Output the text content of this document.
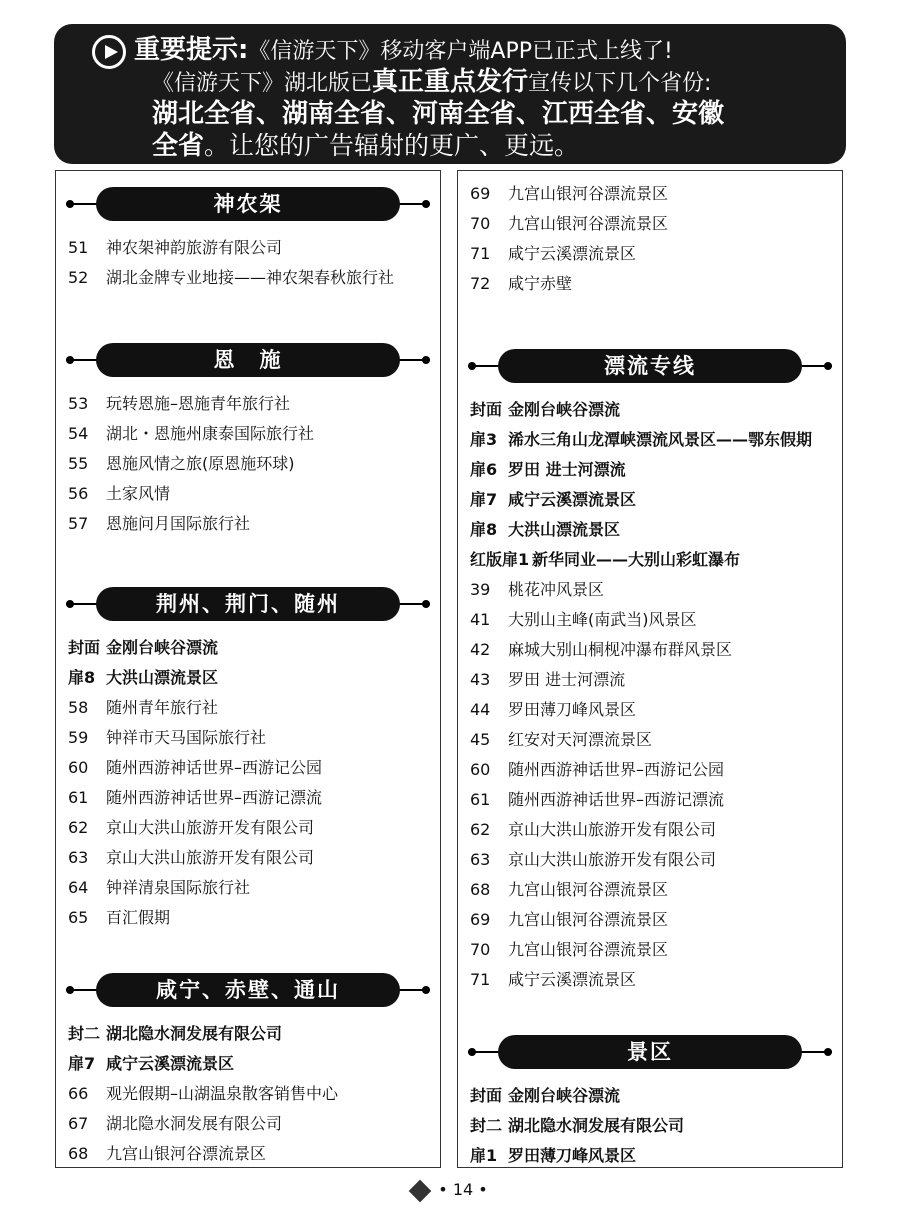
重要提示:《信游天下》移动客户端APP已正式上线了!
《信游天下》湖北版已真正重点发行宣传以下几个省份:
湖北全省、湖南全省、河南全省、江西全省、安徽
全省。让您的广告辐射的更广、更远。
神农架
51	神农架神韵旅游有限公司
52	湖北金牌专业地接——神农架春秋旅行社
恩　施
53	玩转恩施–恩施青年旅行社
54	湖北・恩施州康泰国际旅行社
55	恩施风情之旅(原恩施环球)
56	土家风情
57	恩施问月国际旅行社
荆州、荆门、随州
封面 金刚台峡谷漂流
扉8 大洪山漂流景区
58	随州青年旅行社
59	钟祥市天马国际旅行社
60	随州西游神话世界–西游记公园
61	随州西游神话世界–西游记漂流
62	京山大洪山旅游开发有限公司
63	京山大洪山旅游开发有限公司
64	钟祥清泉国际旅行社
65	百汇假期
咸宁、赤壁、通山
封二 湖北隐水洞发展有限公司
扉7 咸宁云溪漂流景区
66	观光假期–山湖温泉散客销售中心
67	湖北隐水洞发展有限公司
68	九宫山银河谷漂流景区
69	九宫山银河谷漂流景区
70	九宫山银河谷漂流景区
71	咸宁云溪漂流景区
72	咸宁赤壁
漂流专线
封面 金刚台峡谷漂流
扉3 浠水三角山龙潭峡漂流风景区——鄂东假期
扉6 罗田 进士河漂流
扉7 咸宁云溪漂流景区
扉8 大洪山漂流景区
红版扉1 新华同业——大别山彩虹瀑布
39	桃花冲风景区
41	大别山主峰(南武当)风景区
42	麻城大别山桐枧冲瀑布群风景区
43	罗田 进士河漂流
44	罗田薄刀峰风景区
45	红安对天河漂流景区
60	随州西游神话世界–西游记公园
61	随州西游神话世界–西游记漂流
62	京山大洪山旅游开发有限公司
63	京山大洪山旅游开发有限公司
68	九宫山银河谷漂流景区
69	九宫山银河谷漂流景区
70	九宫山银河谷漂流景区
71	咸宁云溪漂流景区
景区
封面 金刚台峡谷漂流
封二 湖北隐水洞发展有限公司
扉1 罗田薄刀峰风景区
• 14 •
